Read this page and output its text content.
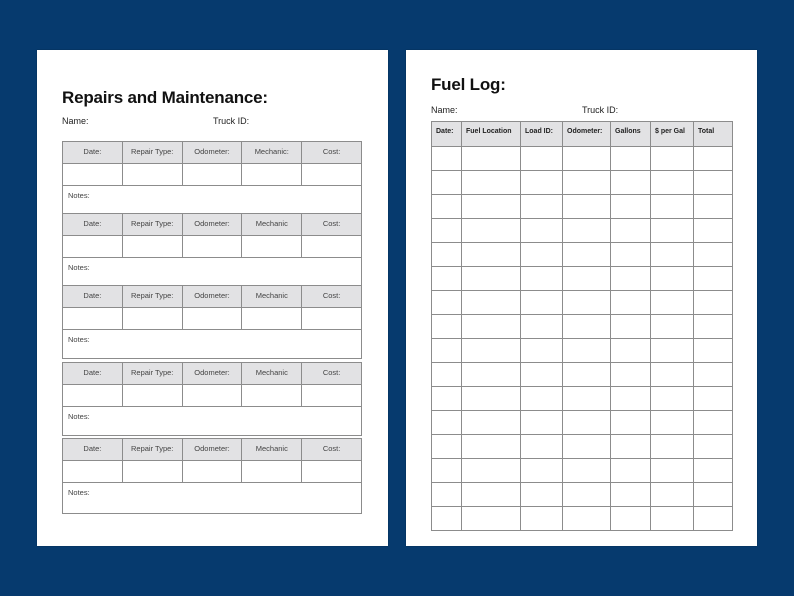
Repairs and Maintenance:
Name:	Truck ID:
Date:	Repair Type:	Odometer:	Mechanic:	Cost:
Notes:
Date:	Repair Type:	Odometer:	Mechanic	Cost:
Notes:
Date:	Repair Type:	Odometer:	Mechanic	Cost:
Notes:
Date:	Repair Type:	Odometer:	Mechanic	Cost:
Notes:
Date:	Repair Type:	Odometer:	Mechanic	Cost:
Notes:
Fuel Log:
Name:	Truck ID:
Date:	Fuel Location	Load ID:	Odometer:	Gallons	$ per Gal	Total
